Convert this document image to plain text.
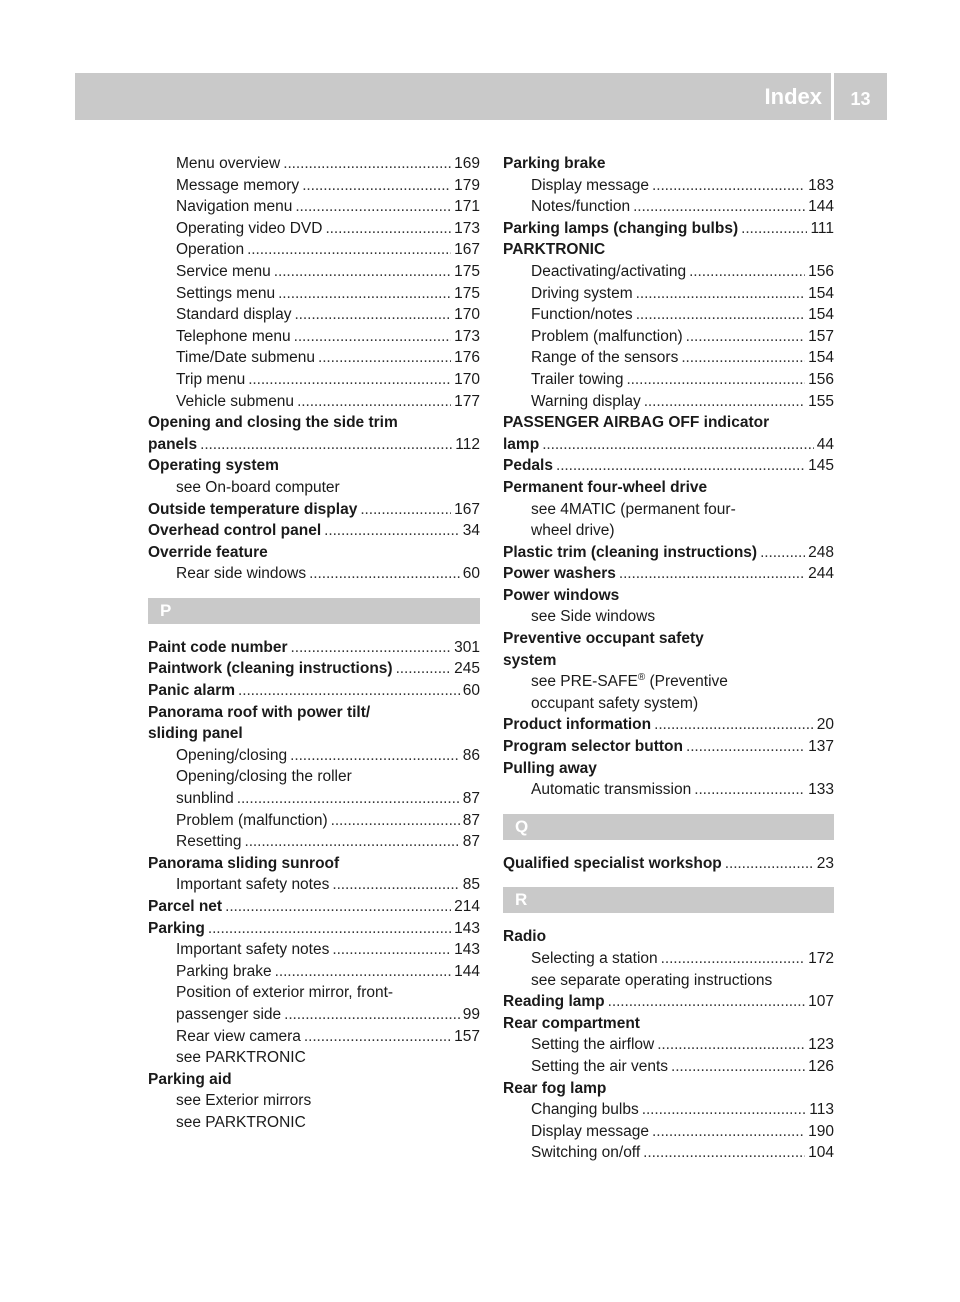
Index	13
Menu overview . . .	169
Message memory . . .	179
Navigation menu . . .	171
Operating video DVD . . .	173
Operation . . .	167
Service menu . . .	175
Settings menu . . .	175
Standard display . . .	170
Telephone menu . . .	173
Time/Date submenu . . .	176
Trip menu . . .	170
Vehicle submenu . . .	177
Opening and closing the side trim
panels . . .	112
Operating system
see On-board computer
Outside temperature display . . .	167
Overhead control panel . . .	34
Override feature
Rear side windows . . .	60
P
Paint code number . . .	301
Paintwork (cleaning instructions) . . .	245
Panic alarm . . .	60
Panorama roof with power tilt/
sliding panel
Opening/closing . . .	86
Opening/closing the roller
sunblind . . .	87
Problem (malfunction) . . .	87
Resetting . . .	87
Panorama sliding sunroof
Important safety notes . . .	85
Parcel net . . .	214
Parking . . .	143
Important safety notes . . .	143
Parking brake . . .	144
Position of exterior mirror, front-
passenger side . . .	99
Rear view camera . . .	157
see PARKTRONIC
Parking aid
see Exterior mirrors
see PARKTRONIC
Parking brake
Display message . . .	183
Notes/function . . .	144
Parking lamps (changing bulbs) . . .	111
PARKTRONIC
Deactivating/activating . . .	156
Driving system . . .	154
Function/notes . . .	154
Problem (malfunction) . . .	157
Range of the sensors . . .	154
Trailer towing . . .	156
Warning display . . .	155
PASSENGER AIRBAG OFF indicator
lamp . . .	44
Pedals . . .	145
Permanent four-wheel drive
see 4MATIC (permanent four-
wheel drive)
Plastic trim (cleaning instructions) . . .	248
Power washers . . .	244
Power windows
see Side windows
Preventive occupant safety
system
see PRE-SAFE® (Preventive
occupant safety system)
Product information . . .	20
Program selector button . . .	137
Pulling away
Automatic transmission . . .	133
Q
Qualified specialist workshop . . .	23
R
Radio
Selecting a station . . .	172
see separate operating instructions
Reading lamp . . .	107
Rear compartment
Setting the airflow . . .	123
Setting the air vents . . .	126
Rear fog lamp
Changing bulbs . . .	113
Display message . . .	190
Switching on/off . . .	104
